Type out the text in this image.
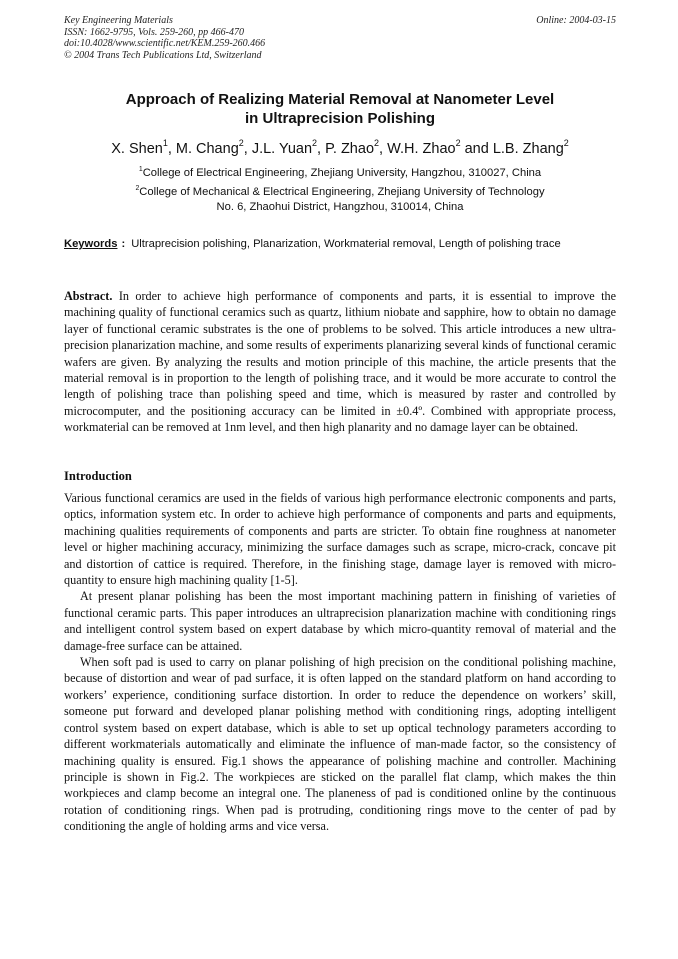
Key Engineering Materials
ISSN: 1662-9795, Vols. 259-260, pp 466-470
doi:10.4028/www.scientific.net/KEM.259-260.466
© 2004 Trans Tech Publications Ltd, Switzerland
Online: 2004-03-15
Approach of Realizing Material Removal at Nanometer Level
in Ultraprecision Polishing
X. Shen$^1$, M. Chang$^2$, J.L. Yuan$^2$, P. Zhao$^2$, W.H. Zhao$^2$ and L.B. Zhang$^2$
$^1$College of Electrical Engineering, Zhejiang University, Hangzhou, 310027, China
$^2$College of Mechanical & Electrical Engineering, Zhejiang University of Technology
No. 6, Zhaohui District, Hangzhou, 310014, China
Keywords : Ultraprecision polishing, Planarization, Workmaterial removal, Length of polishing trace
Abstract. In order to achieve high performance of components and parts, it is essential to improve the machining quality of functional ceramics such as quartz, lithium niobate and sapphire, how to obtain no damage layer of functional ceramic substrates is the one of problems to be solved. This article introduces a new ultra-precision planarization machine, and some results of experiments planarizing several kinds of functional ceramic wafers are given. By analyzing the results and motion principle of this machine, the article presents that the material removal is in proportion to the length of polishing trace, and it would be more accurate to control the length of polishing trace than polishing speed and time, which is measured by raster and controlled by microcomputer, and the positioning accuracy can be limited in ±0.4º. Combined with appropriate process, workmaterial can be removed at 1nm level, and then high planarity and no damage layer can be obtained.
Introduction

Various functional ceramics are used in the fields of various high performance electronic components and parts, optics, information system etc. In order to achieve high performance of components and parts and equipments, machining qualities requirements of components and parts are stricter. To obtain fine roughness at nanometer level or higher machining accuracy, minimizing the surface damages such as scrape, micro-crack, concave pit and distortion of cattice is required. Therefore, in the finishing stage, damage layer is removed with micro-quantity to ensure high machining quality [1-5].

At present planar polishing has been the most important machining pattern in finishing of varieties of functional ceramic parts. This paper introduces an ultraprecision planarization machine with conditioning rings and intelligent control system based on expert database by which micro-quantity removal of material and the damage-free surface can be attained.

When soft pad is used to carry on planar polishing of high precision on the conditional polishing machine, because of distortion and wear of pad surface, it is often lapped on the standard platform on hand according to workers’ experience, conditioning surface distortion. In order to reduce the dependence on workers’ skill, someone put forward and developed planar polishing method with conditioning rings, adopting intelligent control system based on expert database, which is able to set up optical technology parameters according to different workmaterials automatically and eliminate the influence of man-made factor, so the consistency of machining quality is ensured. Fig.1 shows the appearance of polishing machine and controller. Machining principle is shown in Fig.2. The workpieces are sticked on the parallel flat clamp, which makes the thin workpieces and clamp become an integral one. The planeness of pad is conditioned online by the continuous rotation of conditioning rings. When pad is protruding, conditioning rings move to the center of pad by conditioning the angle of holding arms and vice versa.
